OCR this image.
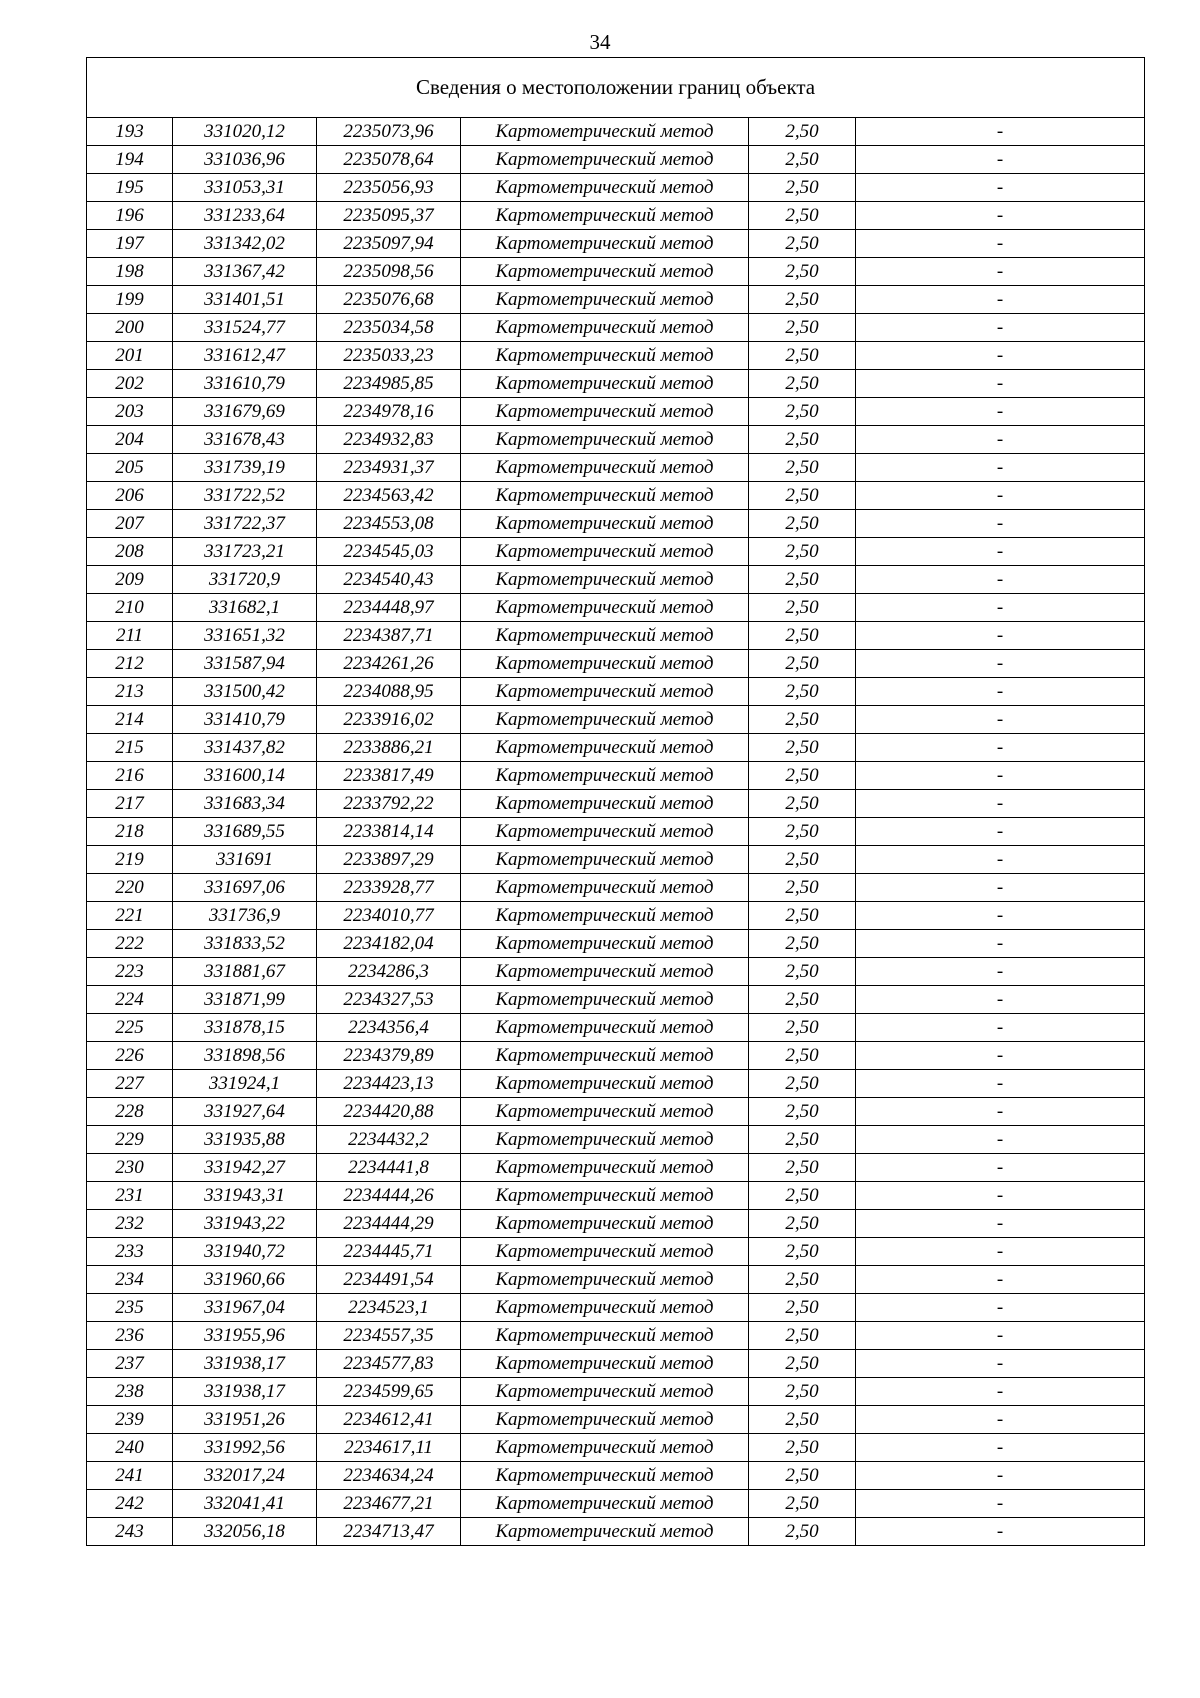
34
Сведения о местоположении границ объекта					
193	331020,12	2235073,96	Картометрический метод	2,50	-
194	331036,96	2235078,64	Картометрический метод	2,50	-
195	331053,31	2235056,93	Картометрический метод	2,50	-
196	331233,64	2235095,37	Картометрический метод	2,50	-
197	331342,02	2235097,94	Картометрический метод	2,50	-
198	331367,42	2235098,56	Картометрический метод	2,50	-
199	331401,51	2235076,68	Картометрический метод	2,50	-
200	331524,77	2235034,58	Картометрический метод	2,50	-
201	331612,47	2235033,23	Картометрический метод	2,50	-
202	331610,79	2234985,85	Картометрический метод	2,50	-
203	331679,69	2234978,16	Картометрический метод	2,50	-
204	331678,43	2234932,83	Картометрический метод	2,50	-
205	331739,19	2234931,37	Картометрический метод	2,50	-
206	331722,52	2234563,42	Картометрический метод	2,50	-
207	331722,37	2234553,08	Картометрический метод	2,50	-
208	331723,21	2234545,03	Картометрический метод	2,50	-
209	331720,9	2234540,43	Картометрический метод	2,50	-
210	331682,1	2234448,97	Картометрический метод	2,50	-
211	331651,32	2234387,71	Картометрический метод	2,50	-
212	331587,94	2234261,26	Картометрический метод	2,50	-
213	331500,42	2234088,95	Картометрический метод	2,50	-
214	331410,79	2233916,02	Картометрический метод	2,50	-
215	331437,82	2233886,21	Картометрический метод	2,50	-
216	331600,14	2233817,49	Картометрический метод	2,50	-
217	331683,34	2233792,22	Картометрический метод	2,50	-
218	331689,55	2233814,14	Картометрический метод	2,50	-
219	331691	2233897,29	Картометрический метод	2,50	-
220	331697,06	2233928,77	Картометрический метод	2,50	-
221	331736,9	2234010,77	Картометрический метод	2,50	-
222	331833,52	2234182,04	Картометрический метод	2,50	-
223	331881,67	2234286,3	Картометрический метод	2,50	-
224	331871,99	2234327,53	Картометрический метод	2,50	-
225	331878,15	2234356,4	Картометрический метод	2,50	-
226	331898,56	2234379,89	Картометрический метод	2,50	-
227	331924,1	2234423,13	Картометрический метод	2,50	-
228	331927,64	2234420,88	Картометрический метод	2,50	-
229	331935,88	2234432,2	Картометрический метод	2,50	-
230	331942,27	2234441,8	Картометрический метод	2,50	-
231	331943,31	2234444,26	Картометрический метод	2,50	-
232	331943,22	2234444,29	Картометрический метод	2,50	-
233	331940,72	2234445,71	Картометрический метод	2,50	-
234	331960,66	2234491,54	Картометрический метод	2,50	-
235	331967,04	2234523,1	Картометрический метод	2,50	-
236	331955,96	2234557,35	Картометрический метод	2,50	-
237	331938,17	2234577,83	Картометрический метод	2,50	-
238	331938,17	2234599,65	Картометрический метод	2,50	-
239	331951,26	2234612,41	Картометрический метод	2,50	-
240	331992,56	2234617,11	Картометрический метод	2,50	-
241	332017,24	2234634,24	Картометрический метод	2,50	-
242	332041,41	2234677,21	Картометрический метод	2,50	-
243	332056,18	2234713,47	Картометрический метод	2,50	-
